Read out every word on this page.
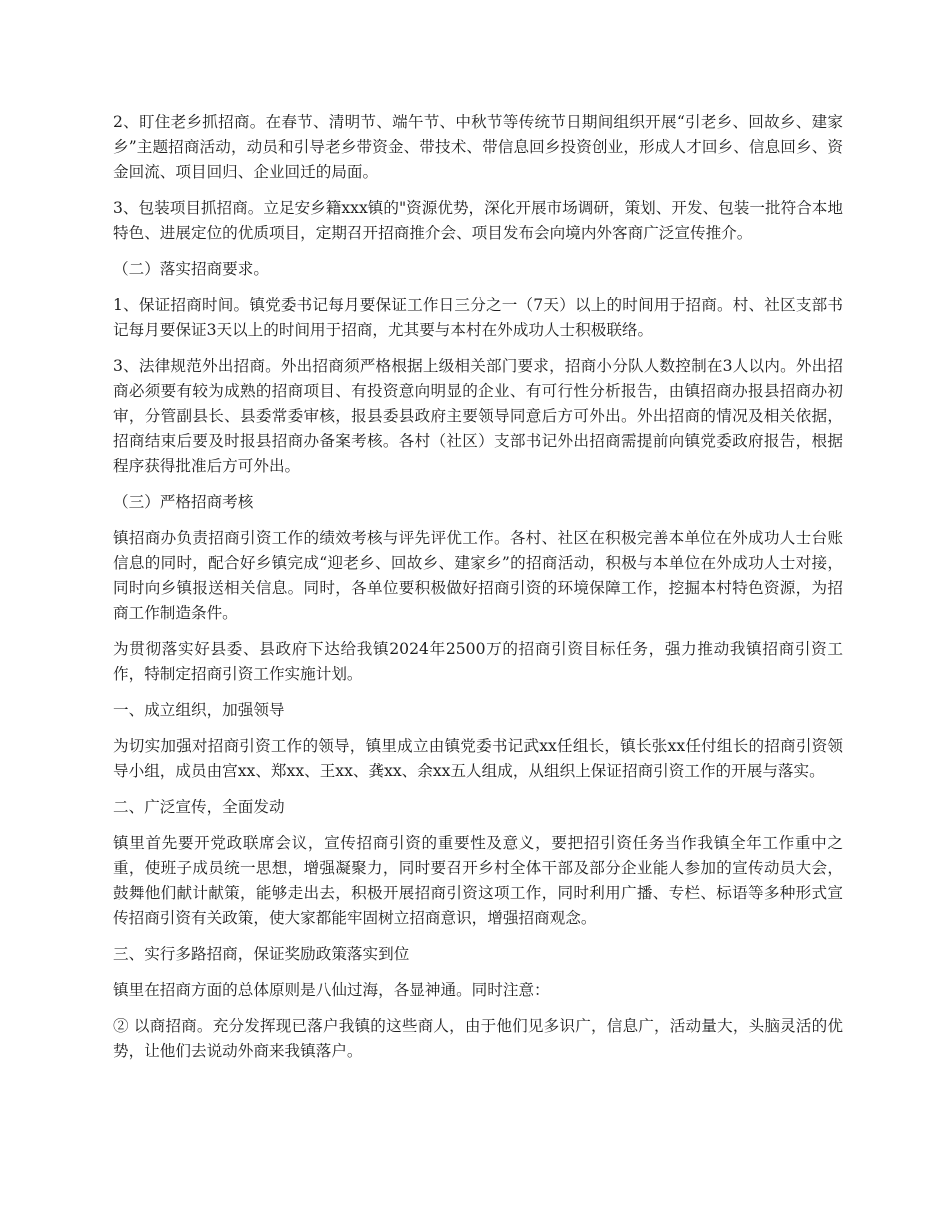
2、盯住老乡抓招商。在春节、清明节、端午节、中秋节等传统节日期间组织开展“引老乡、回故乡、建家乡”主题招商活动，动员和引导老乡带资金、带技术、带信息回乡投资创业，形成人才回乡、信息回乡、资金回流、项目回归、企业回迁的局面。

3、包装项目抓招商。立足安乡籍xxx镇的"资源优势，深化开展市场调研，策划、开发、包装一批符合本地特色、进展定位的优质项目，定期召开招商推介会、项目发布会向境内外客商广泛宣传推介。

（二）落实招商要求。

1、保证招商时间。镇党委书记每月要保证工作日三分之一（7天）以上的时间用于招商。村、社区支部书记每月要保证3天以上的时间用于招商，尤其要与本村在外成功人士积极联络。

3、法律规范外出招商。外出招商须严格根据上级相关部门要求，招商小分队人数控制在3人以内。外出招商必须要有较为成熟的招商项目、有投资意向明显的企业、有可行性分析报告，由镇招商办报县招商办初审，分管副县长、县委常委审核，报县委县政府主要领导同意后方可外出。外出招商的情况及相关依据，招商结束后要及时报县招商办备案考核。各村（社区）支部书记外出招商需提前向镇党委政府报告，根据程序获得批准后方可外出。

（三）严格招商考核

镇招商办负责招商引资工作的绩效考核与评先评优工作。各村、社区在积极完善本单位在外成功人士台账信息的同时，配合好乡镇完成“迎老乡、回故乡、建家乡”的招商活动，积极与本单位在外成功人士对接，同时向乡镇报送相关信息。同时，各单位要积极做好招商引资的环境保障工作，挖掘本村特色资源，为招商工作制造条件。

为贯彻落实好县委、县政府下达给我镇2024年2500万的招商引资目标任务，强力推动我镇招商引资工作，特制定招商引资工作实施计划。

一、成立组织，加强领导

为切实加强对招商引资工作的领导，镇里成立由镇党委书记武xx任组长，镇长张xx任付组长的招商引资领导小组，成员由宫xx、郑xx、王xx、龚xx、余xx五人组成，从组织上保证招商引资工作的开展与落实。

二、广泛宣传，全面发动

镇里首先要开党政联席会议，宣传招商引资的重要性及意义，要把招引资任务当作我镇全年工作重中之重，使班子成员统一思想，增强凝聚力，同时要召开乡村全体干部及部分企业能人参加的宣传动员大会，鼓舞他们献计献策，能够走出去，积极开展招商引资这项工作，同时利用广播、专栏、标语等多种形式宣传招商引资有关政策，使大家都能牢固树立招商意识，增强招商观念。

三、实行多路招商，保证奖励政策落实到位

镇里在招商方面的总体原则是八仙过海，各显神通。同时注意：

② 以商招商。充分发挥现已落户我镇的这些商人，由于他们见多识广，信息广，活动量大，头脑灵活的优势，让他们去说动外商来我镇落户。
